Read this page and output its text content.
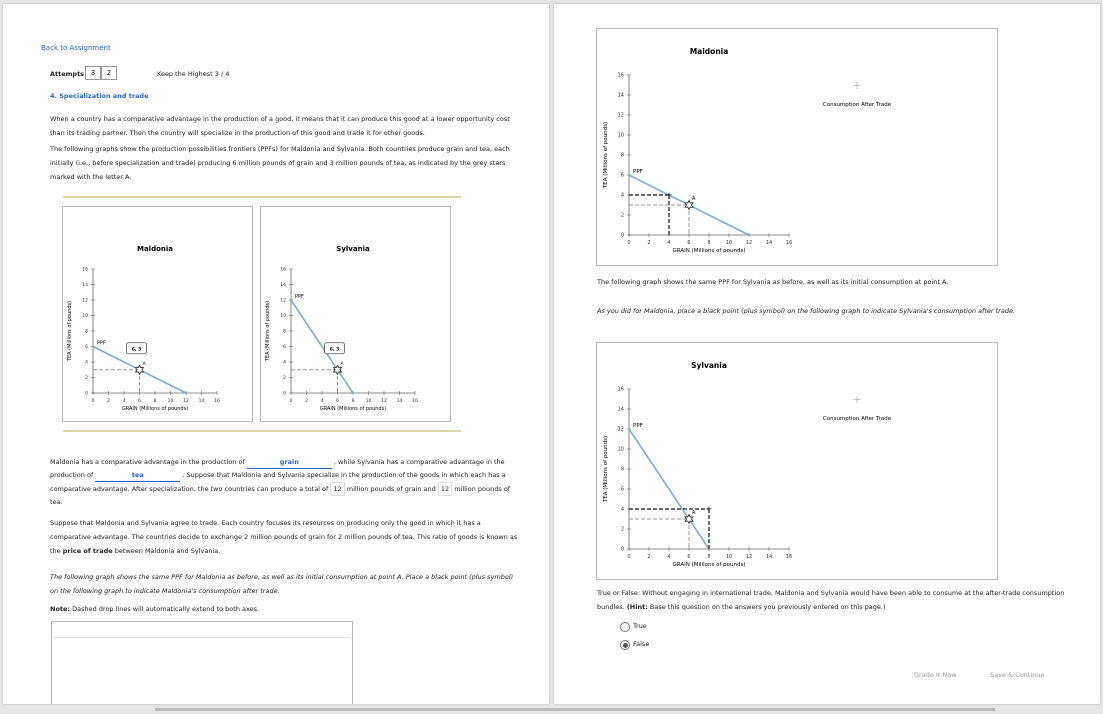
Back to Assignment
Attempts 3	2	Keep the Highest 3 / 4
4. Specialization and trade
When a country has a comparative advantage in the production of a good, it means that it can produce this good at a lower opportunity cost than its trading partner. Then the country will specialize in the production of this good and trade it for other goods.
The following graphs show the production possibilities frontiers (PPFs) for Maldonia and Sylvania. Both countries produce grain and tea, each initially (i.e., before specialization and trade) producing 6 million pounds of grain and 3 million pounds of tea, as indicated by the grey stars marked with the letter A.
Maldonia
0
0
2
2
4
4
6
6
8
8
10
10
12
12
14
14
16
16
GRAIN (Millions of pounds)
TEA (Millions of pounds)	PPF
A
6, 3
Sylvania
0
0
2
2
4
4
6
6
8
8
10
10
12
12
14
14
16
16
GRAIN (Millions of pounds)
TEA (Millions of pounds)
PPF
A
6, 3
Maldonia has a comparative advantage in the production of	grain	, while Sylvania has a comparative advantage in the production of	tea	. Suppose that Maldonia and Sylvania specialize in the production of the goods in which each has a comparative advantage. After specialization, the two countries can produce a total of 12 million pounds of grain and 12 million pounds of tea.
Suppose that Maldonia and Sylvania agree to trade. Each country focuses its resources on producing only the good in which it has a comparative advantage. The countries decide to exchange 2 million pounds of grain for 2 million pounds of tea. This ratio of goods is known as the price of trade between Maldonia and Sylvania.
The following graph shows the same PPF for Maldonia as before, as well as its initial consumption at point A. Place a black point (plus symbol) on the following graph to indicate Maldonia's consumption after trade.
Note: Dashed drop lines will automatically extend to both axes.
Maldonia
0
0
2
2
4
4
6
6
8
8
10
10
12
12
14
14
16
16
GRAIN (Millions of pounds)
TEA (Millions of pounds)	PPF
+	A
+
Consumption After Trade
The following graph shows the same PPF for Sylvania as before, as well as its initial consumption at point A.
As you did for Maldonia, place a black point (plus symbol) on the following graph to indicate Sylvania's consumption after trade.
Sylvania
0
0
2
2
4
4
6
6
8
8
10
10
12
12
14
14
16
16
GRAIN (Millions of pounds)
TEA (Millions of pounds)
PPF
+
A
+
Consumption After Trade
True or False: Without engaging in international trade, Maldonia and Sylvania would have been able to consume at the after-trade consumption bundles. (Hint: Base this question on the answers you previously entered on this page.)
True
False
Grade It Now	Save & Continue
